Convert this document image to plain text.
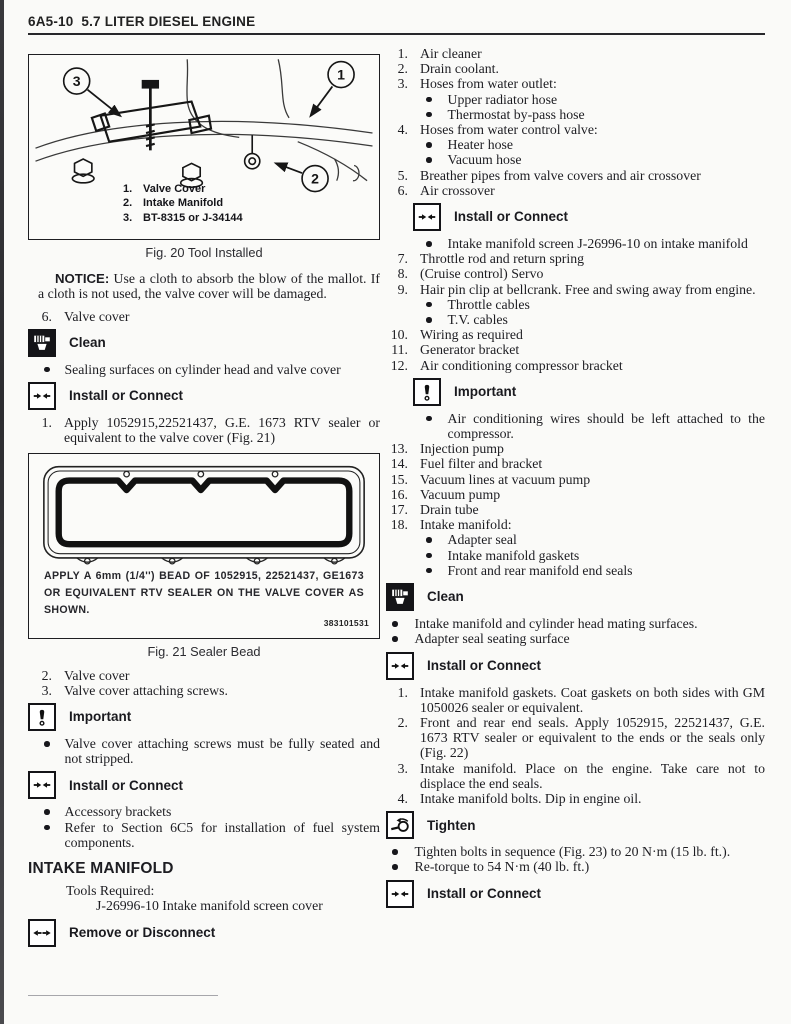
6A5-10  5.7 LITER DIESEL ENGINE
3	1
2
1. Valve Cover
2. Intake Manifold
3. BT-8315 or J-34144
Fig. 20 Tool Installed

NOTICE: Use a cloth to absorb the blow of the mallot. If a cloth is not used, the valve cover will be damaged.

6. Valve cover
Clean
Sealing surfaces on cylinder head and valve cover
Install or Connect
1. Apply 1052915,22521437, G.E. 1673 RTV sealer or equivalent to the valve cover (Fig. 21)
APPLY A 6mm (1/4'') BEAD OF 1052915, 22521437, GE1673 OR EQUIVALENT RTV SEALER ON THE VALVE COVER AS SHOWN.
383101531
Fig. 21 Sealer Bead
2. Valve cover
3. Valve cover attaching screws.
Important
Valve cover attaching screws must be fully seated and not stripped.
Install or Connect
Accessory brackets
Refer to Section 6C5 for installation of fuel system components.
INTAKE MANIFOLD
Tools Required:
J-26996-10 Intake manifold screen cover
Remove or Disconnect
1. Air cleaner
2. Drain coolant.
3. Hoses from water outlet:
Upper radiator hose
Thermostat by-pass hose
4. Hoses from water control valve:
Heater hose
Vacuum hose
5. Breather pipes from valve covers and air crossover
6. Air crossover
Install or Connect
Intake manifold screen J-26996-10 on intake manifold
7. Throttle rod and return spring
8. (Cruise control) Servo
9. Hair pin clip at bellcrank. Free and swing away from engine.
Throttle cables
T.V. cables
10. Wiring as required
11. Generator bracket
12. Air conditioning compressor bracket
Important
Air conditioning wires should be left attached to the compressor.
13. Injection pump
14. Fuel filter and bracket
15. Vacuum lines at vacuum pump
16. Vacuum pump
17. Drain tube
18. Intake manifold:
Adapter seal
Intake manifold gaskets
Front and rear manifold end seals
Clean
Intake manifold and cylinder head mating surfaces.
Adapter seal seating surface
Install or Connect
1. Intake manifold gaskets. Coat gaskets on both sides with GM 1050026 sealer or equivalent.
2. Front and rear end seals. Apply 1052915, 22521437, G.E. 1673 RTV sealer or equivalent to the ends or the seals only (Fig. 22)
3. Intake manifold. Place on the engine. Take care not to displace the end seals.
4. Intake manifold bolts. Dip in engine oil.
Tighten
Tighten bolts in sequence (Fig. 23) to 20 N·m (15 lb. ft.).
Re-torque to 54 N·m (40 lb. ft.)
Install or Connect
